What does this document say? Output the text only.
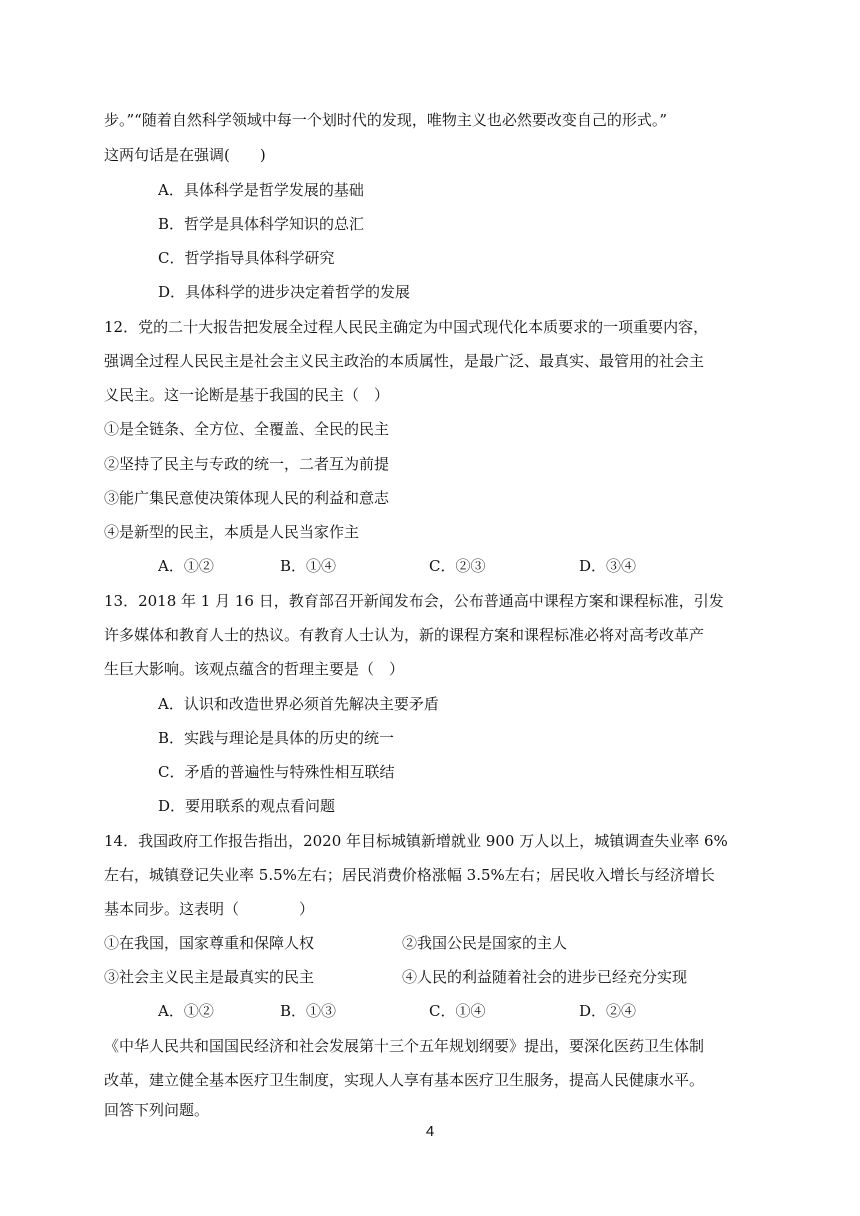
步。”“随着自然科学领域中每一个划时代的发现，唯物主义也必然要改变自己的形式。”
这两句话是在强调(　　)
A．具体科学是哲学发展的基础
B．哲学是具体科学知识的总汇
C．哲学指导具体科学研究
D．具体科学的进步决定着哲学的发展
12．党的二十大报告把发展全过程人民民主确定为中国式现代化本质要求的一项重要内容，
强调全过程人民民主是社会主义民主政治的本质属性，是最广泛、最真实、最管用的社会主
义民主。这一论断是基于我国的民主（　）
①是全链条、全方位、全覆盖、全民的民主
②坚持了民主与专政的统一，二者互为前提
③能广集民意使决策体现人民的利益和意志
④是新型的民主，本质是人民当家作主
A．①②	B．①④	C．②③	D．③④
13．2018 年 1 月 16 日，教育部召开新闻发布会，公布普通高中课程方案和课程标准，引发
许多媒体和教育人士的热议。有教育人士认为，新的课程方案和课程标准必将对高考改革产
生巨大影响。该观点蕴含的哲理主要是（　）
A．认识和改造世界必须首先解决主要矛盾
B．实践与理论是具体的历史的统一
C．矛盾的普遍性与特殊性相互联结
D．要用联系的观点看问题
14．我国政府工作报告指出，2020 年目标城镇新增就业 900 万人以上，城镇调查失业率 6%
左右，城镇登记失业率 5.5%左右；居民消费价格涨幅 3.5%左右；居民收入增长与经济增长
基本同步。这表明（　　　　）
①在我国，国家尊重和保障人权	②我国公民是国家的主人
③社会主义民主是最真实的民主	④人民的利益随着社会的进步已经充分实现
A．①②	B．①③	C．①④	D．②④
《中华人民共和国国民经济和社会发展第十三个五年规划纲要》提出，要深化医药卫生体制
改革，建立健全基本医疗卫生制度，实现人人享有基本医疗卫生服务，提高人民健康水平。
回答下列问题。
4
